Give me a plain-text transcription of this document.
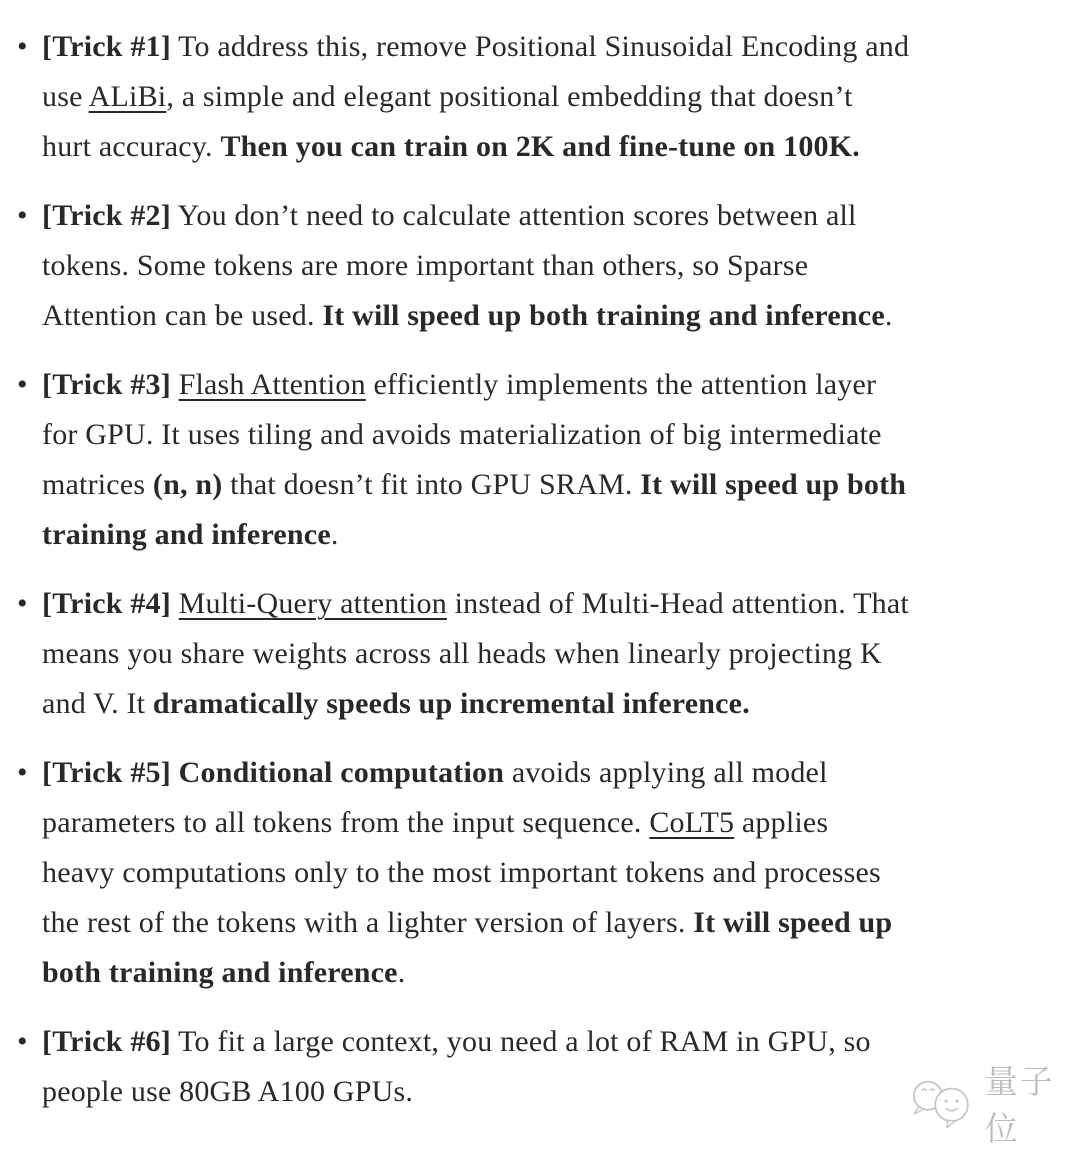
• [Trick #1] To address this, remove Positional Sinusoidal Encoding and
use ALiBi, a simple and elegant positional embedding that doesn’t
hurt accuracy. Then you can train on 2K and fine-tune on 100K.
• [Trick #2] You don’t need to calculate attention scores between all
tokens. Some tokens are more important than others, so Sparse
Attention can be used. It will speed up both training and inference.
• [Trick #3] Flash Attention efficiently implements the attention layer
for GPU. It uses tiling and avoids materialization of big intermediate
matrices (n, n) that doesn’t fit into GPU SRAM. It will speed up both
training and inference.
• [Trick #4] Multi-Query attention instead of Multi-Head attention. That
means you share weights across all heads when linearly projecting K
and V. It dramatically speeds up incremental inference.
• [Trick #5] Conditional computation avoids applying all model
parameters to all tokens from the input sequence. CoLT5 applies
heavy computations only to the most important tokens and processes
the rest of the tokens with a lighter version of layers. It will speed up
both training and inference.
• [Trick #6] To fit a large context, you need a lot of RAM in GPU, so
people use 80GB A100 GPUs.	量子位
